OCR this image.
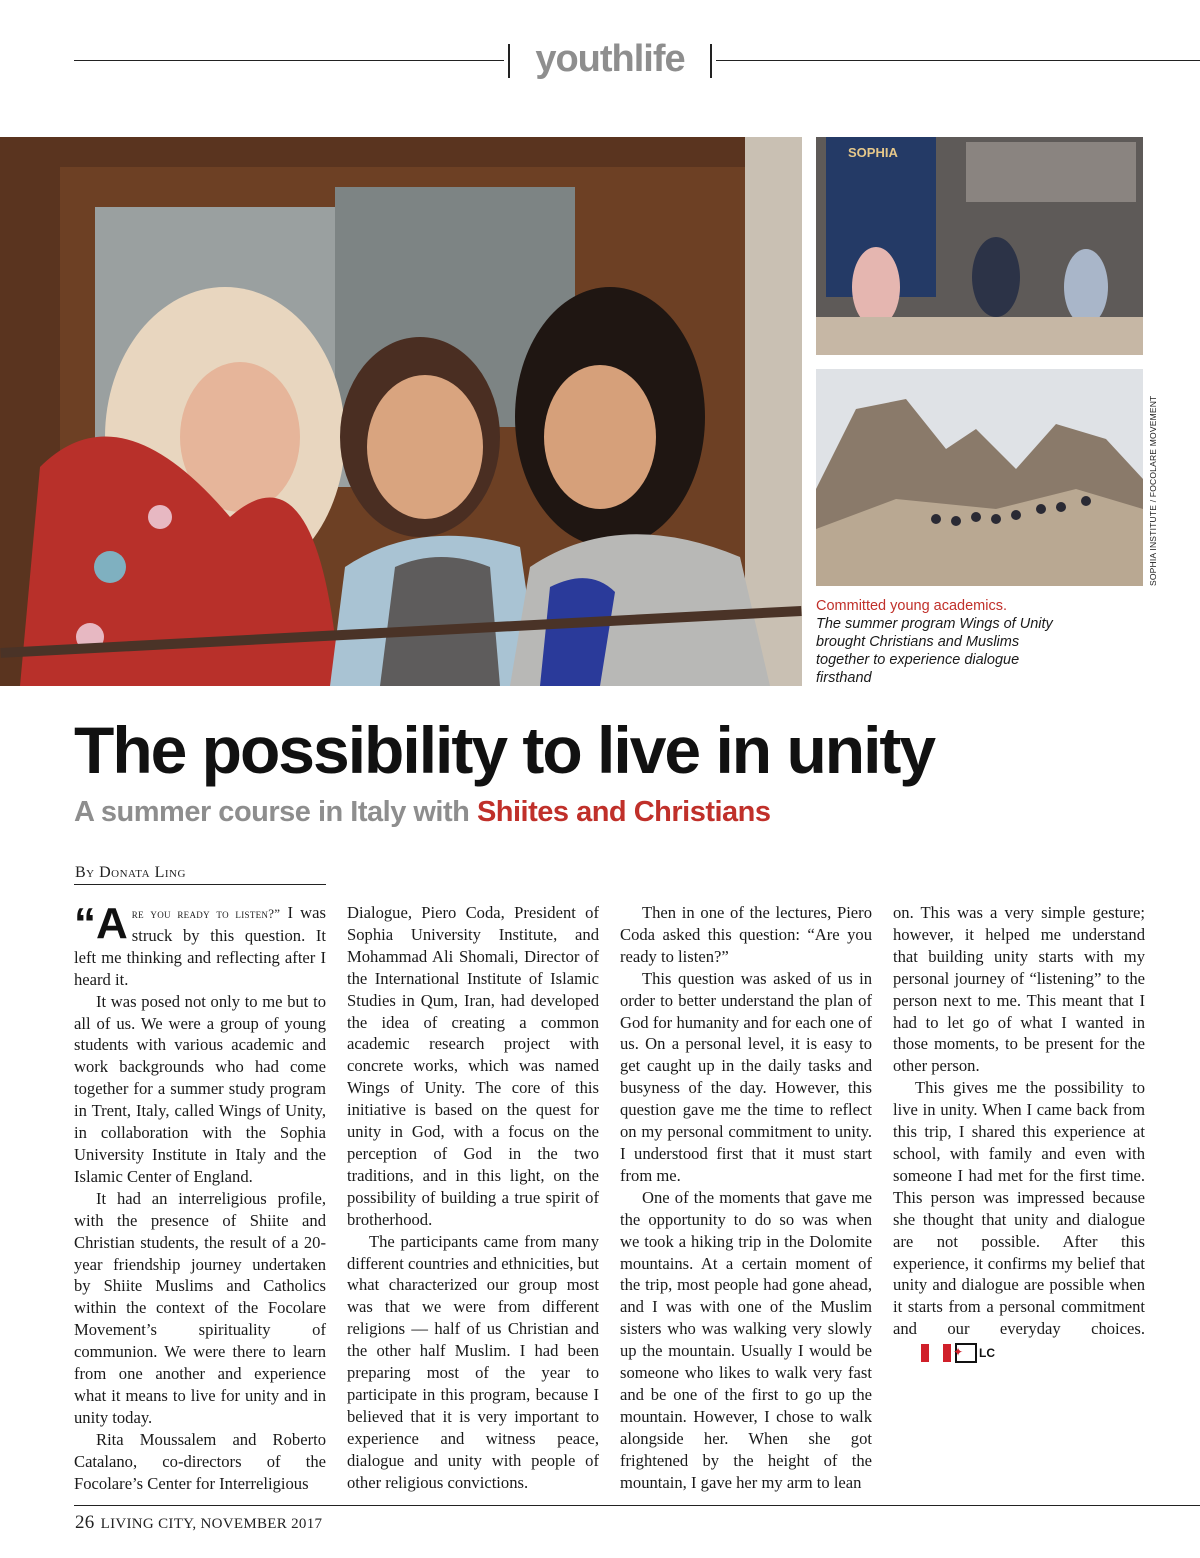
youthlife
SOPHIA
SOPHIA INSTITUTE / FOCOLARE MOVEMENT
Committed young academics.
The summer program Wings of Unity brought Christians and Muslims together to experience dialogue firsthand
The possibility to live in unity
A summer course in Italy with Shiites and Christians
By Donata Ling

“Are you ready to listen?” I was struck by this question. It left me thinking and reflecting after I heard it.

It was posed not only to me but to all of us. We were a group of young students with various academic and work backgrounds who had come together for a summer study program in Trent, Italy, called Wings of Unity, in collaboration with the Sophia University Institute in Italy and the Islamic Center of England.

It had an interreligious profile, with the presence of Shiite and Christian students, the result of a 20-year friendship journey undertaken by Shiite Muslims and Catholics within the context of the Focolare Movement’s spirituality of communion. We were there to learn from one another and experience what it means to live for unity and in unity today.

Rita Moussalem and Roberto Catalano, co-directors of the Focolare’s Center for Interreligious

Dialogue, Piero Coda, President of Sophia University Institute, and Mohammad Ali Shomali, Director of the International Institute of Islamic Studies in Qum, Iran, had developed the idea of creating a common academic research project with concrete works, which was named Wings of Unity. The core of this initiative is based on the quest for unity in God, with a focus on the perception of God in the two traditions, and in this light, on the possibility of building a true spirit of brotherhood.

The participants came from many different countries and ethnicities, but what characterized our group most was that we were from different religions — half of us Christian and the other half Muslim. I had been preparing most of the year to participate in this program, because I believed that it is very important to experience and witness peace, dialogue and unity with people of other religious convictions.

Then in one of the lectures, Piero Coda asked this question: “Are you ready to listen?”

This question was asked of us in order to better understand the plan of God for humanity and for each one of us. On a personal level, it is easy to get caught up in the daily tasks and busyness of the day. However, this question gave me the time to reflect on my personal commitment to unity. I understood first that it must start from me.

One of the moments that gave me the opportunity to do so was when we took a hiking trip in the Dolomite mountains. At a certain moment of the trip, most people had gone ahead, and I was with one of the Muslim sisters who was walking very slowly up the mountain. Usually I would be someone who likes to walk very fast and be one of the first to go up the mountain. However, I chose to walk alongside her. When she got frightened by the height of the mountain, I gave her my arm to lean

on. This was a very simple gesture; however, it helped me understand that building unity starts with my personal journey of “listening” to the person next to me. This meant that I had to let go of what I wanted in those moments, to be present for the other person.

This gives me the possibility to live in unity. When I came back from this trip, I shared this experience at school, with family and even with someone I had met for the first time. This person was impressed because she thought that unity and dialogue are not possible. After this experience, it confirms my belief that unity and dialogue are possible when it starts from a personal commitment and our everyday choices.
✦ LC

26 LIVING CITY, NOVEMBER 2017
